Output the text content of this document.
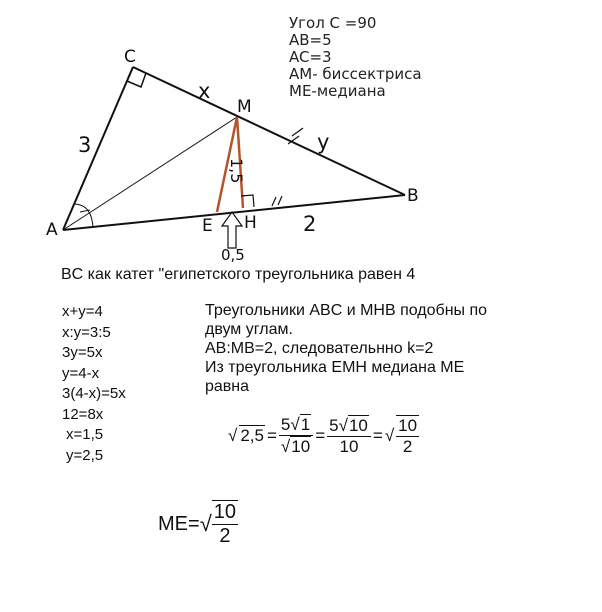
Угол C =90
AB=5
AC=3
AM- биссектриса
ME-медиана
C
A
B
M
E H
3
x
y
1,5
2
0,5
BC как катет "египетского треугольника равен 4
x+y=4
x:y=3:5
3y=5x
y=4-x
3(4-x)=5x
12=8x
x=1,5
y=2,5
Треугольники ABC и MHB подобны по
двум углам.
AB:MB=2, следовательнно k=2
Из треугольника EMH медиана ME
равна
√ $2,5 = \frac{5√1}{√10} = \frac{5√10}{10}$ = √ $\frac{10}{2}$
ME= √ $\frac{10}{2}$
